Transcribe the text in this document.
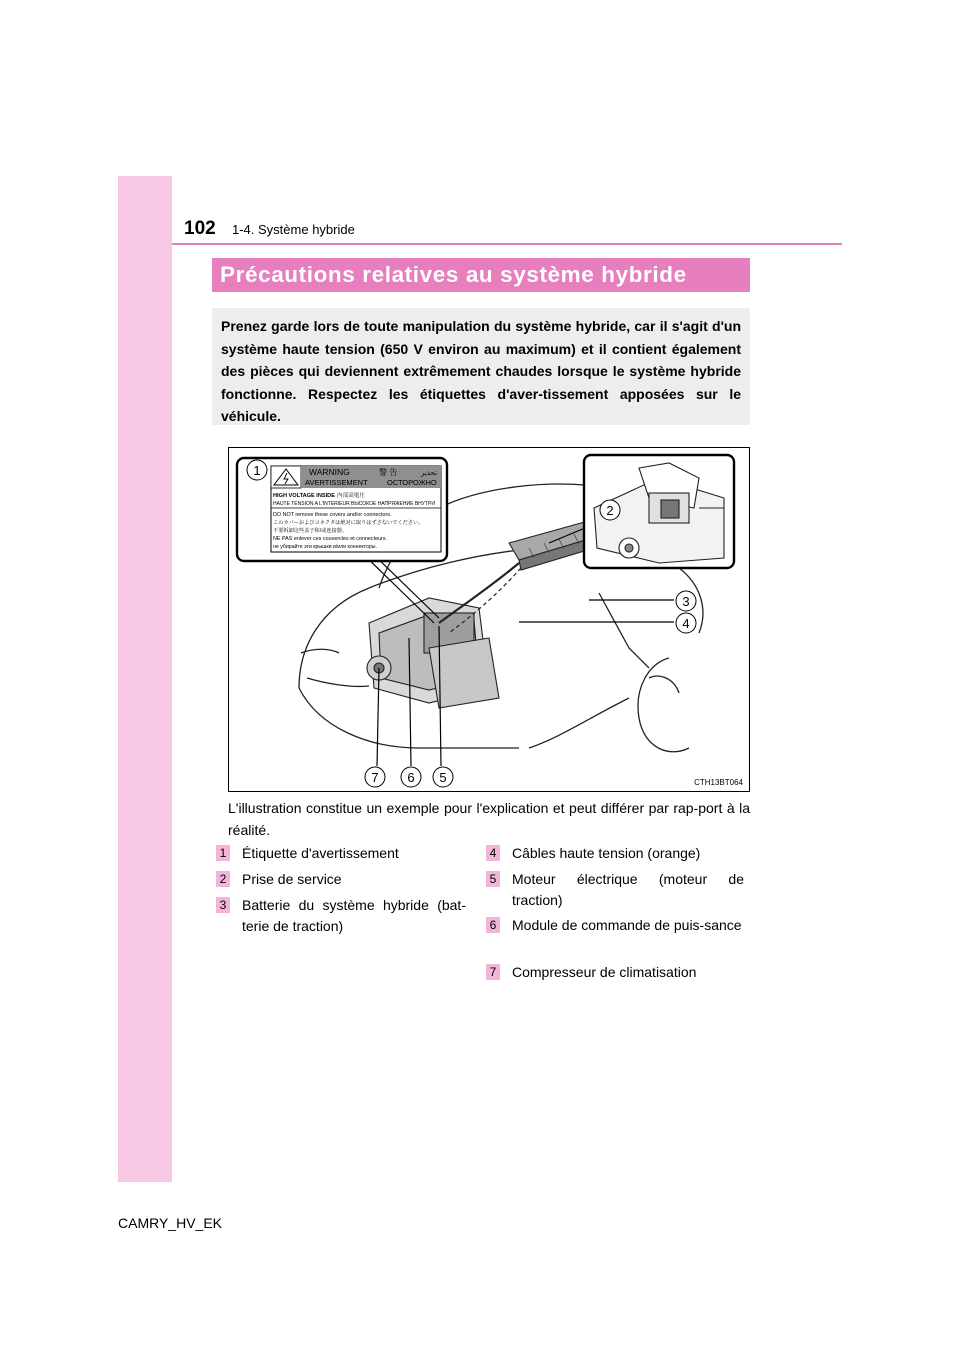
102 1-4. Système hybride
Précautions relatives au système hybride
Prenez garde lors de toute manipulation du système hybride, car il s'agit d'un système haute tension (650 V environ au maximum) et il contient également des pièces qui deviennent extrêmement chaudes lorsque le système hybride fonctionne. Respectez les étiquettes d'aver-tissement apposées sur le véhicule.
WARNING	警 告	تحذير
AVERTISSEMENT	ОСТОРОЖНО
HIGH VOLTAGE INSIDE 内部高電圧
HAUTE TENSION A L'INTERIEUR ВЫСОКОЕ НАПРЯЖЕНИЕ ВНУТРИ
DO NOT remove these covers and/or connectors.
このカバーおよびコネクタは絶対に取りはずさないでください。
不要拆卸这些盖子和/或连接器。
NE PAS enlever ces couvercles et connecteurs.
не убирайте эти крышки и/или коннекторы.
1
2
3
4
5
6
7	CTH13BT064
L'illustration constitue un exemple pour l'explication et peut différer par rap-port à la réalité.
1 Étiquette d'avertissement
2 Prise de service
3 Batterie du système hybride (bat-terie de traction)
4 Câbles haute tension (orange)
5 Moteur électrique (moteur de traction)
6 Module de commande de puis-sance
7 Compresseur de climatisation
CAMRY_HV_EK
